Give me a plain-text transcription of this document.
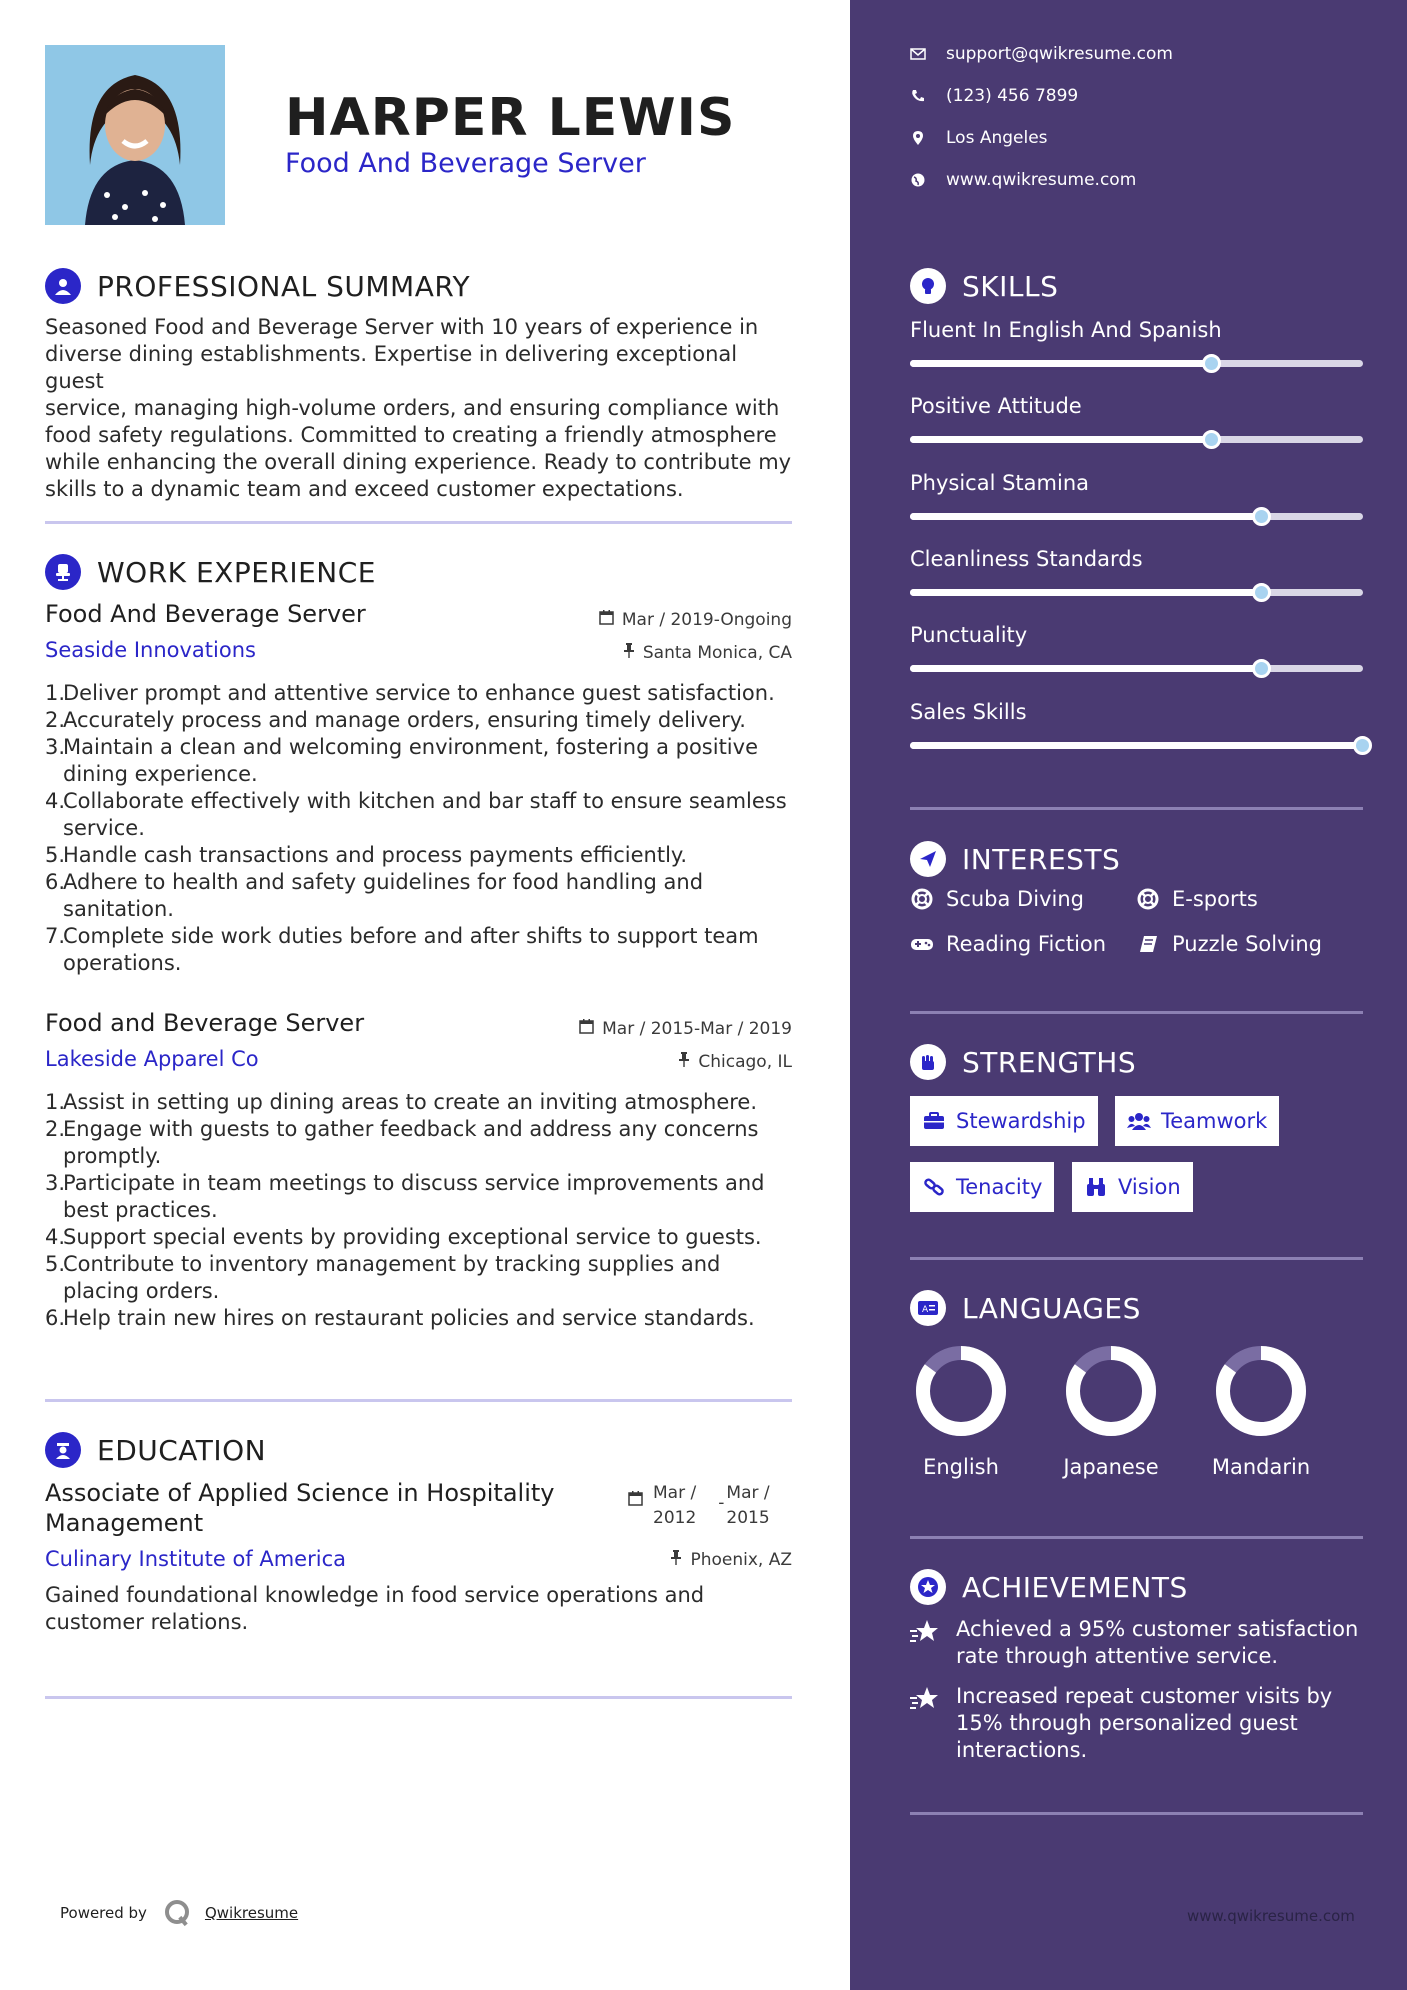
HARPER LEWIS
Food And Beverage Server
PROFESSIONAL SUMMARY
Seasoned Food and Beverage Server with 10 years of experience in
diverse dining establishments. Expertise in delivering exceptional guest
service, managing high-volume orders, and ensuring compliance with
food safety regulations. Committed to creating a friendly atmosphere
while enhancing the overall dining experience. Ready to contribute my
skills to a dynamic team and exceed customer expectations.
WORK EXPERIENCE
Food And Beverage Server	Mar / 2019-Ongoing
Seaside Innovations	Santa Monica, CA
1.
Deliver prompt and attentive service to enhance guest satisfaction.
2.
Accurately process and manage orders, ensuring timely delivery.
3.
Maintain a clean and welcoming environment, fostering a positive
dining experience.
4.
Collaborate effectively with kitchen and bar staff to ensure seamless
service.
5.
Handle cash transactions and process payments efficiently.
6.
Adhere to health and safety guidelines for food handling and
sanitation.
7.
Complete side work duties before and after shifts to support team
operations.
Food and Beverage Server	Mar / 2015-Mar / 2019
Lakeside Apparel Co	Chicago, IL
1.
Assist in setting up dining areas to create an inviting atmosphere.
2.
Engage with guests to gather feedback and address any concerns
promptly.
3.
Participate in team meetings to discuss service improvements and
best practices.
4.
Support special events by providing exceptional service to guests.
5.
Contribute to inventory management by tracking supplies and
placing orders.
6.
Help train new hires on restaurant policies and service standards.
EDUCATION
Associate of Applied Science in Hospitality
Management
Mar /
2012
- Mar /
2015
Culinary Institute of America	Phoenix, AZ
Gained foundational knowledge in food service operations and
customer relations.
Powered by	Qwikresume
support@qwikresume.com
(123) 456 7899
Los Angeles
www.qwikresume.com
SKILLS
Fluent In English And Spanish
Positive Attitude
Physical Stamina
Cleanliness Standards
Punctuality
Sales Skills
INTERESTS
Scuba Diving	E-sports
Reading Fiction	Puzzle Solving
STRENGTHS
Stewardship	Teamwork
Tenacity	Vision
A LANGUAGES
English	Japanese	Mandarin
ACHIEVEMENTS
Achieved a 95% customer satisfaction
rate through attentive service.
Increased repeat customer visits by
15% through personalized guest
interactions.
www.qwikresume.com
